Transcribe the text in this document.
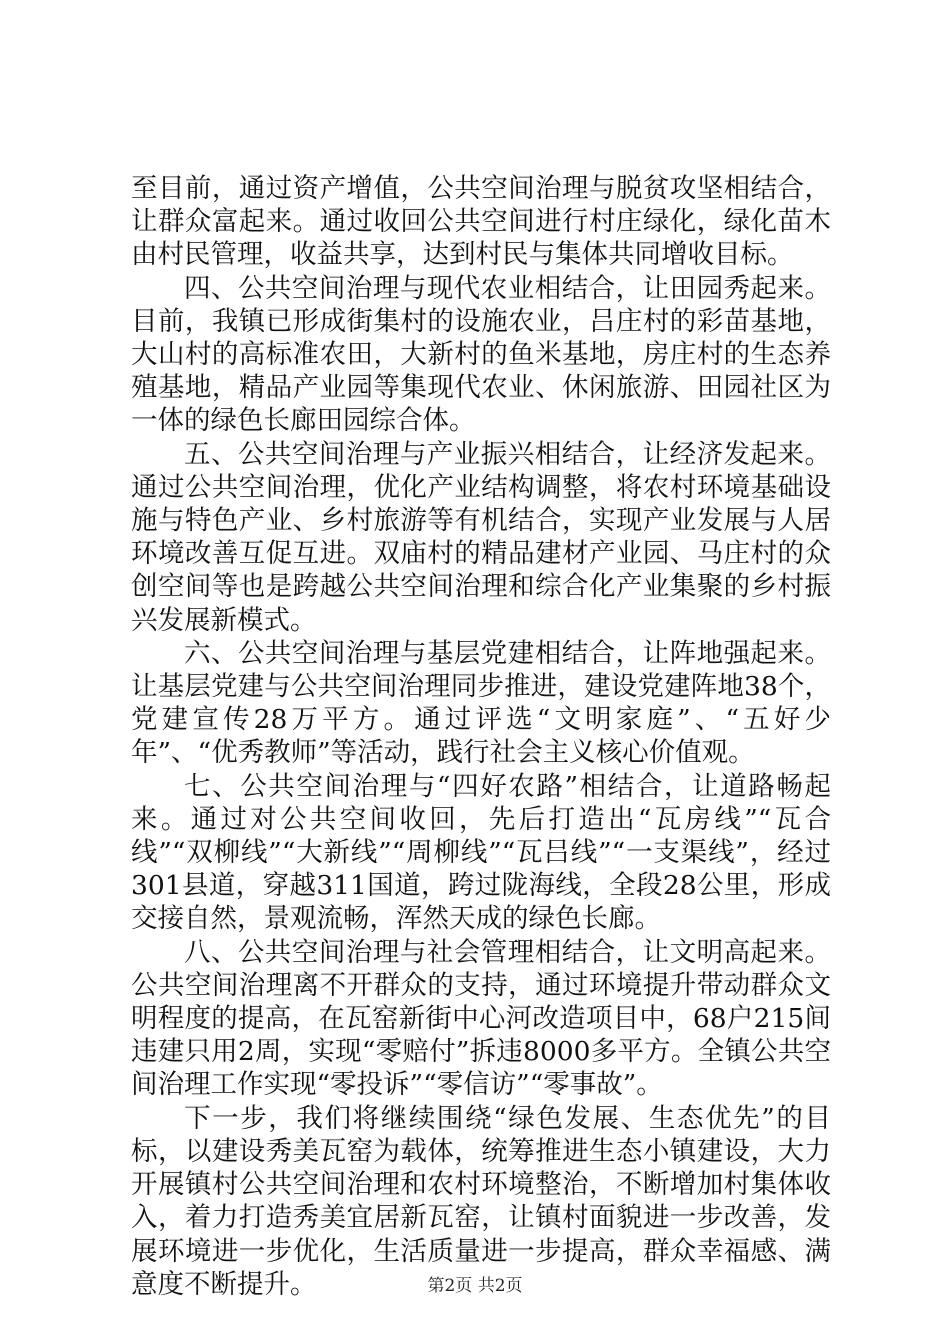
至目前，通过资产增值，公共空间治理与脱贫攻坚相结合，让群众富起来。通过收回公共空间进行村庄绿化，绿化苗木由村民管理，收益共享，达到村民与集体共同增收目标。

四、公共空间治理与现代农业相结合，让田园秀起来。目前，我镇已形成街集村的设施农业，吕庄村的彩苗基地，大山村的高标准农田，大新村的鱼米基地，房庄村的生态养殖基地，精品产业园等集现代农业、休闲旅游、田园社区为一体的绿色长廊田园综合体。

五、公共空间治理与产业振兴相结合，让经济发起来。通过公共空间治理，优化产业结构调整，将农村环境基础设施与特色产业、乡村旅游等有机结合，实现产业发展与人居环境改善互促互进。双庙村的精品建材产业园、马庄村的众创空间等也是跨越公共空间治理和综合化产业集聚的乡村振兴发展新模式。

六、公共空间治理与基层党建相结合，让阵地强起来。让基层党建与公共空间治理同步推进，建设党建阵地38个，党建宣传28万平方。通过评选“文明家庭”、“五好少年”、“优秀教师”等活动，践行社会主义核心价值观。

七、公共空间治理与“四好农路”相结合，让道路畅起来。通过对公共空间收回，先后打造出“瓦房线”“瓦合线”“双柳线”“大新线”“周柳线”“瓦吕线”“一支渠线”，经过301县道，穿越311国道，跨过陇海线，全段28公里，形成交接自然，景观流畅，浑然天成的绿色长廊。

八、公共空间治理与社会管理相结合，让文明高起来。公共空间治理离不开群众的支持，通过环境提升带动群众文明程度的提高，在瓦窑新街中心河改造项目中，68户215间违建只用2周，实现“零赔付”拆违8000多平方。全镇公共空间治理工作实现“零投诉”“零信访”“零事故”。

下一步，我们将继续围绕“绿色发展、生态优先”的目标，以建设秀美瓦窑为载体，统筹推进生态小镇建设，大力开展镇村公共空间治理和农村环境整治，不断增加村集体收入，着力打造秀美宜居新瓦窑，让镇村面貌进一步改善，发展环境进一步优化，生活质量进一步提高，群众幸福感、满意度不断提升。	第2页 共2页
